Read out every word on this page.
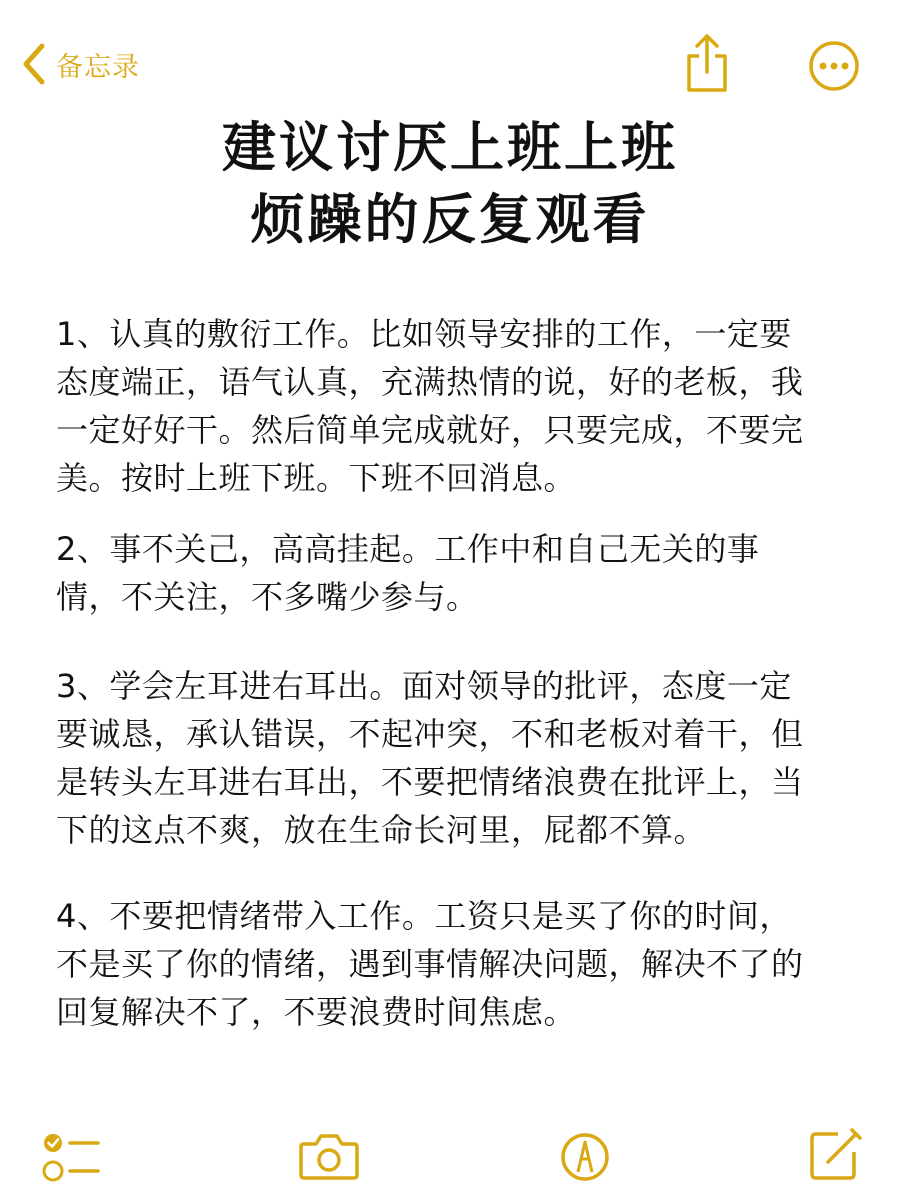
备忘录
建议讨厌上班上班
烦躁的反复观看
1、认真的敷衍工作。比如领导安排的工作，一定要
态度端正，语气认真，充满热情的说，好的老板，我
一定好好干。然后简单完成就好，只要完成，不要完
美。按时上班下班。下班不回消息。
2、事不关己，高高挂起。工作中和自己无关的事
情，不关注，不多嘴少参与。
3、学会左耳进右耳出。面对领导的批评，态度一定
要诚恳，承认错误，不起冲突，不和老板对着干，但
是转头左耳进右耳出，不要把情绪浪费在批评上，当
下的这点不爽，放在生命长河里，屁都不算。
4、不要把情绪带入工作。工资只是买了你的时间，
不是买了你的情绪，遇到事情解决问题，解决不了的
回复解决不了，不要浪费时间焦虑。
